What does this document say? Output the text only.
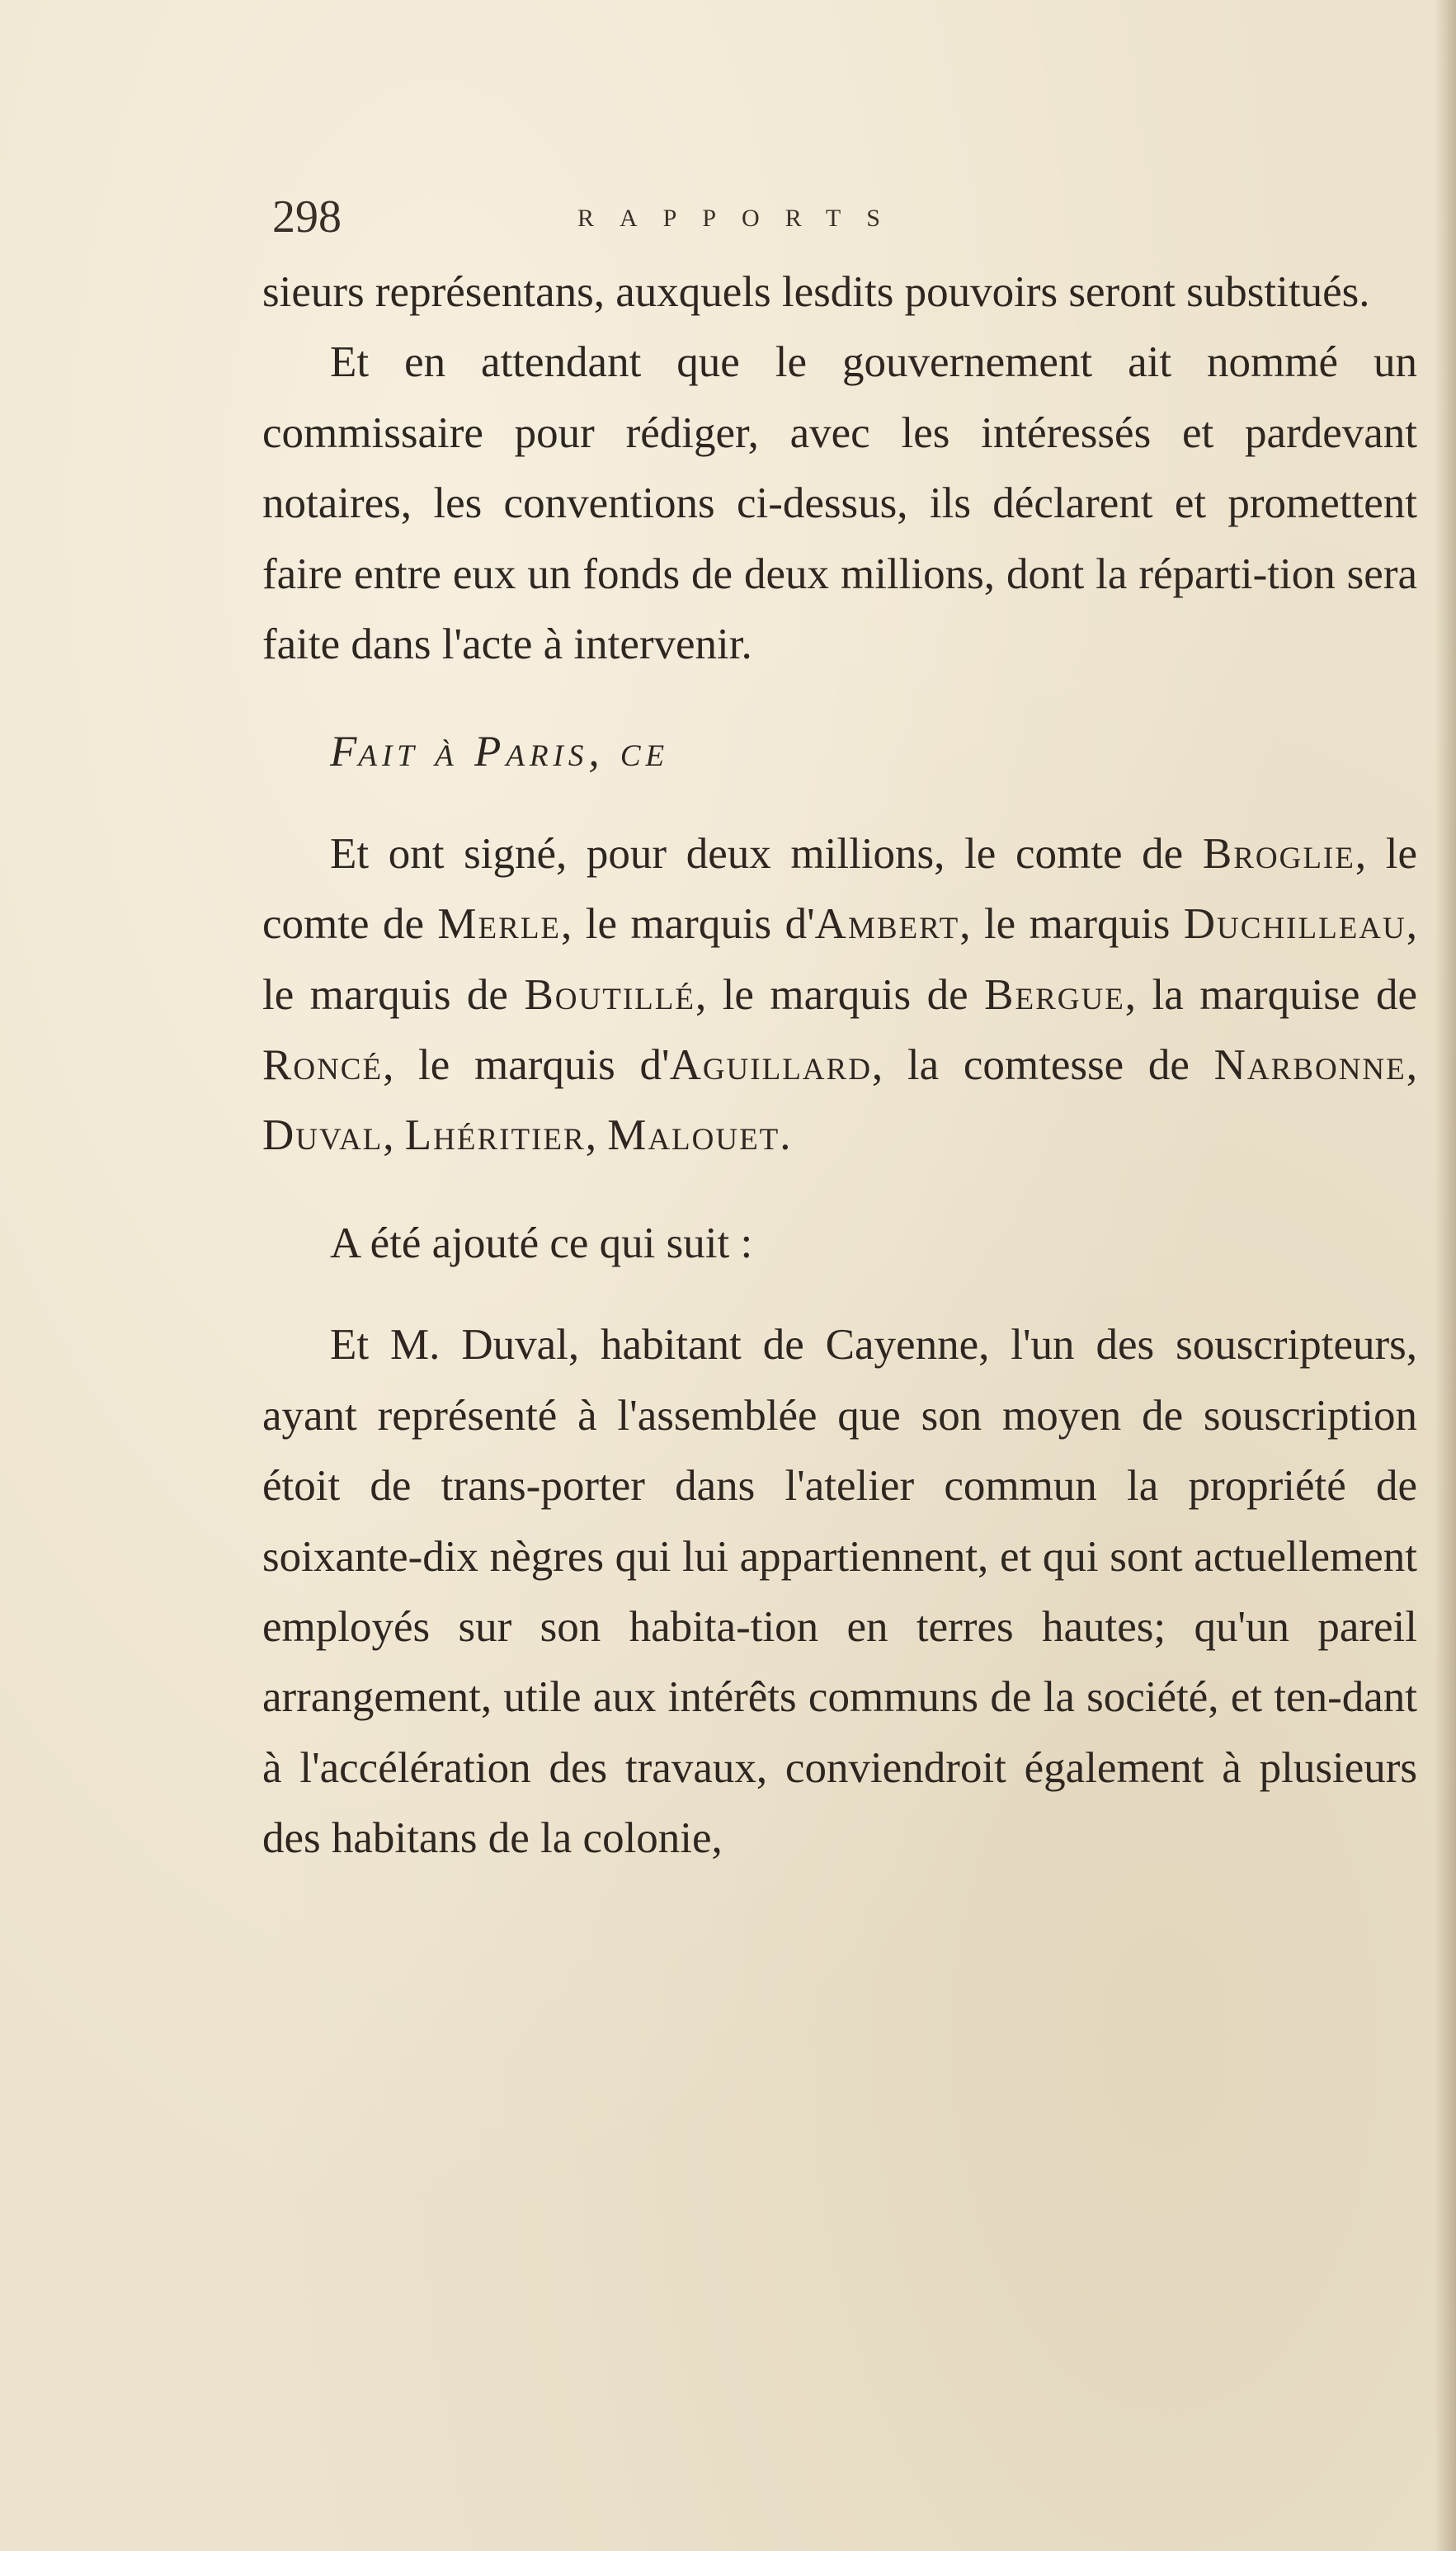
298	RAPPORTS

sieurs représentans, auxquels lesdits pouvoirs seront substitués.

Et en attendant que le gouvernement ait nommé un commissaire pour rédiger, avec les intéressés et pardevant notaires, les conventions ci-dessus, ils déclarent et promettent faire entre eux un fonds de deux millions, dont la réparti-tion sera faite dans l'acte à intervenir.

Fait à Paris, ce

Et ont signé, pour deux millions, le comte de Broglie, le comte de Merle, le marquis d'Ambert, le marquis Duchilleau, le marquis de Boutillé, le marquis de Bergue, la marquise de Roncé, le marquis d'Aguillard, la comtesse de Narbonne, Duval, Lhéritier, Malouet.

A été ajouté ce qui suit :

Et M. Duval, habitant de Cayenne, l'un des souscripteurs, ayant représenté à l'assemblée que son moyen de souscription étoit de trans-porter dans l'atelier commun la propriété de soixante-dix nègres qui lui appartiennent, et qui sont actuellement employés sur son habita-tion en terres hautes; qu'un pareil arrangement, utile aux intérêts communs de la société, et ten-dant à l'accélération des travaux, conviendroit également à plusieurs des habitans de la colonie,
